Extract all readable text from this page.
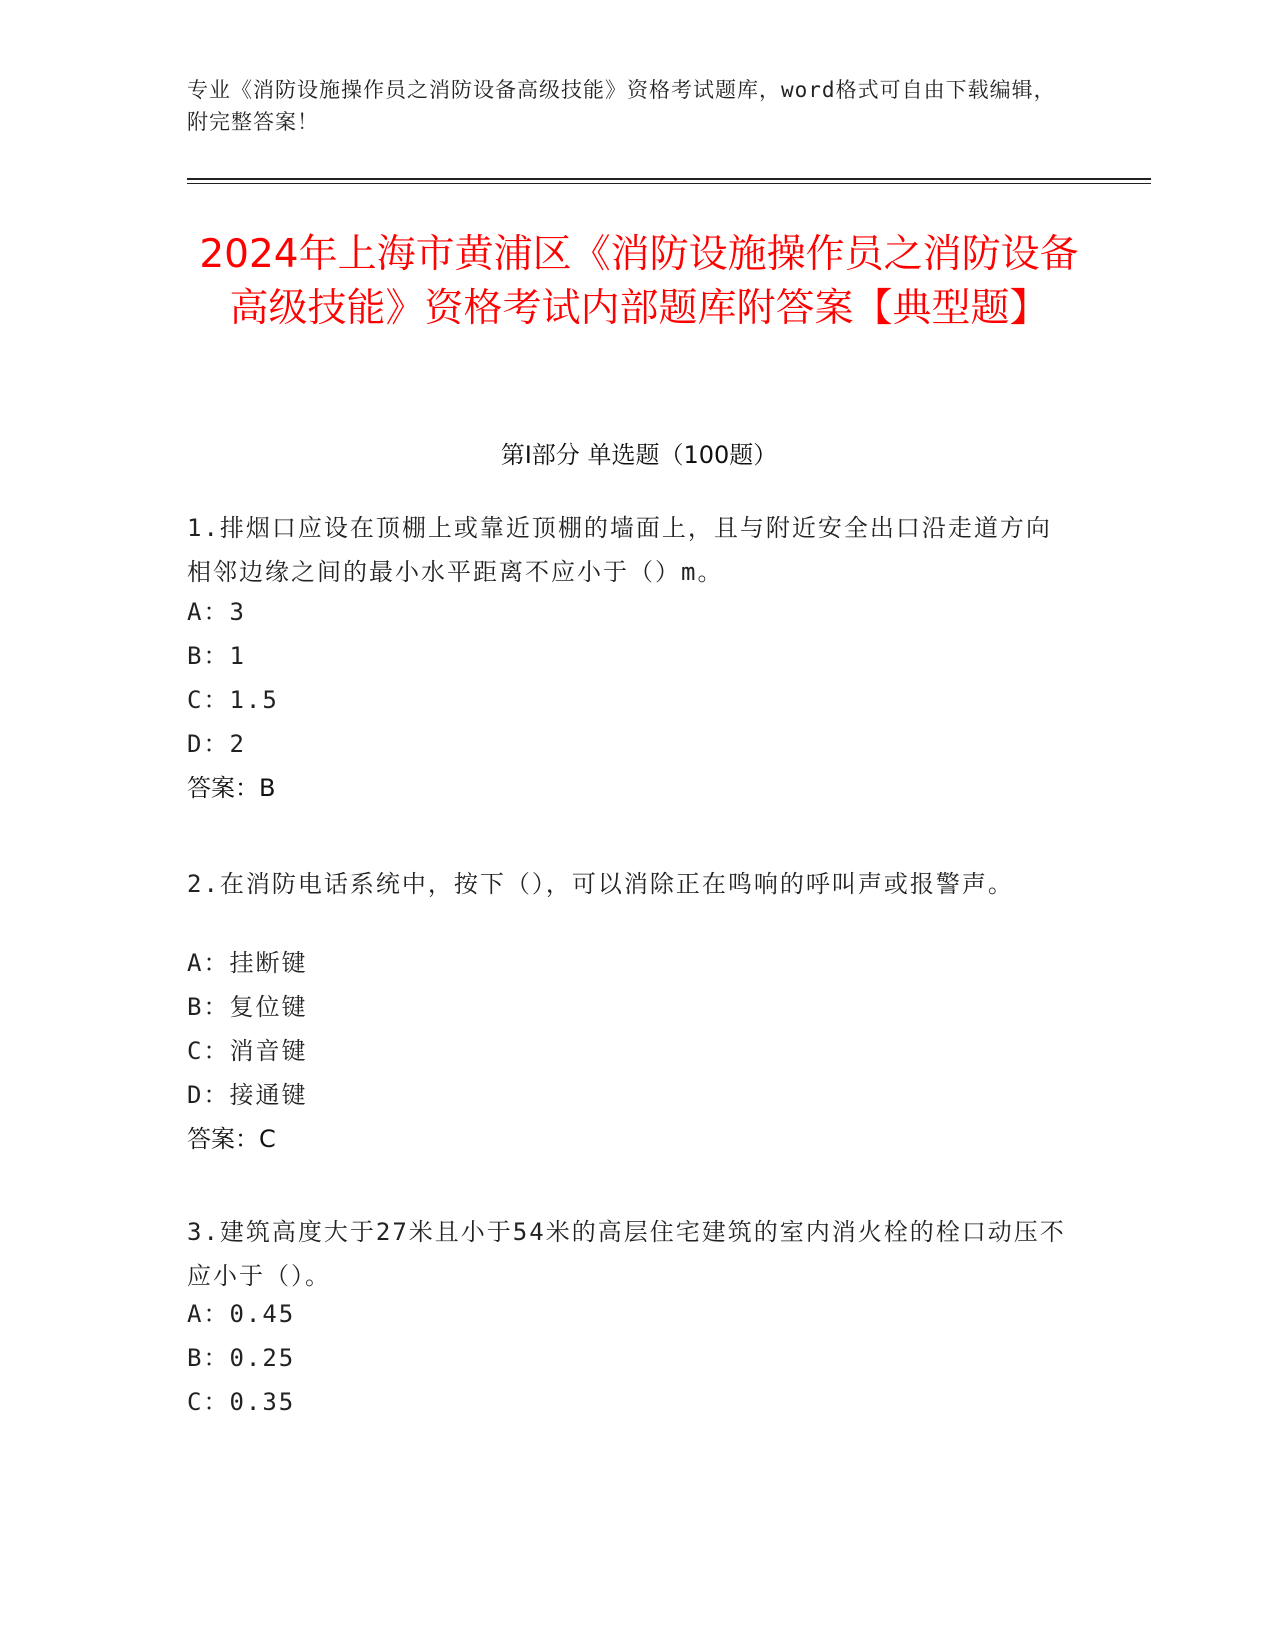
专业《消防设施操作员之消防设备高级技能》资格考试题库，word格式可自由下载编辑，附完整答案！
2024年上海市黄浦区《消防设施操作员之消防设备高级技能》资格考试内部题库附答案【典型题】
第I部分 单选题（100题）
1.排烟口应设在顶棚上或靠近顶棚的墙面上，且与附近安全出口沿走道方向相邻边缘之间的最小水平距离不应小于（）m。
A：3
B：1
C：1.5
D：2
答案：B
2.在消防电话系统中，按下（），可以消除正在鸣响的呼叫声或报警声。
A：挂断键
B：复位键
C：消音键
D：接通键
答案：C
3.建筑高度大于27米且小于54米的高层住宅建筑的室内消火栓的栓口动压不应小于（）。
A：0.45
B：0.25
C：0.35
